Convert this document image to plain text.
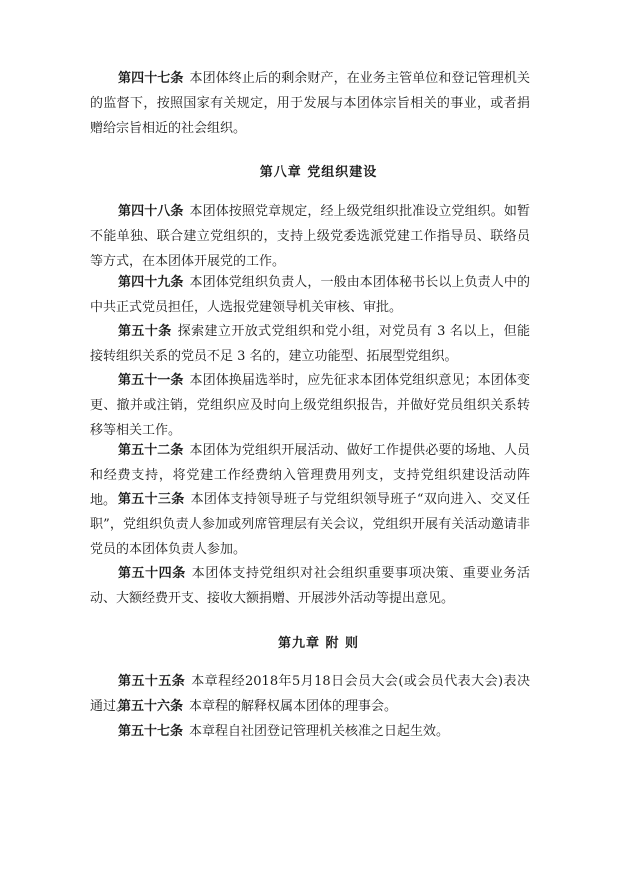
第四十七条 本团体终止后的剩余财产，在业务主管单位和登记管理机关的监督下，按照国家有关规定，用于发展与本团体宗旨相关的事业，或者捐赠给宗旨相近的社会组织。

第八章 党组织建设

第四十八条 本团体按照党章规定，经上级党组织批准设立党组织。如暂不能单独、联合建立党组织的，支持上级党委选派党建工作指导员、联络员等方式，在本团体开展党的工作。

第四十九条 本团体党组织负责人，一般由本团体秘书长以上负责人中的中共正式党员担任，人选报党建领导机关审核、审批。

第五十条 探索建立开放式党组织和党小组，对党员有 3 名以上，但能接转组织关系的党员不足 3 名的，建立功能型、拓展型党组织。

第五十一条 本团体换届选举时，应先征求本团体党组织意见；本团体变更、撤并或注销，党组织应及时向上级党组织报告，并做好党员组织关系转移等相关工作。

第五十二条 本团体为党组织开展活动、做好工作提供必要的场地、人员和经费支持，将党建工作经费纳入管理费用列支，支持党组织建设活动阵地。 第五十三条 本团体支持领导班子与党组织领导班子“双向进入、交叉任职”，党组织负责人参加或列席管理层有关会议，党组织开展有关活动邀请非党员的本团体负责人参加。

第五十四条 本团体支持党组织对社会组织重要事项决策、重要业务活动、大额经费开支、接收大额捐赠、开展涉外活动等提出意见。

第九章 附 则

第五十五条 本章程经2018年5月18日会员大会(或会员代表大会)表决通过。

第五十六条 本章程的解释权属本团体的理事会。

第五十七条 本章程自社团登记管理机关核准之日起生效。
